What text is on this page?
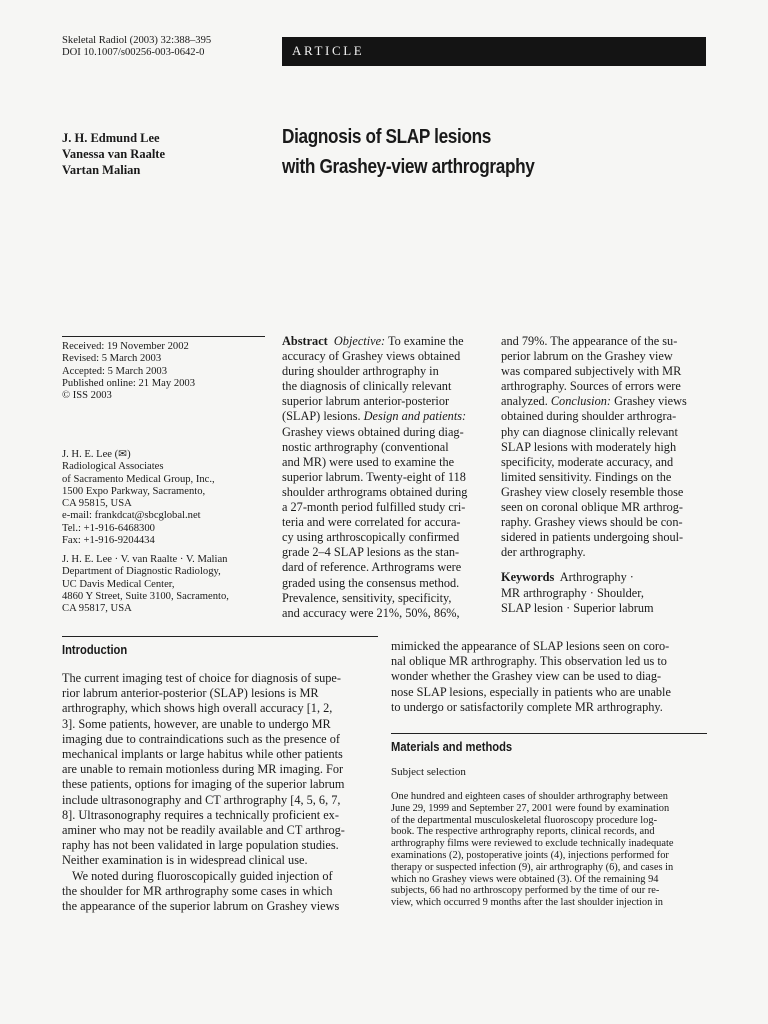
Skeletal Radiol (2003) 32:388–395
DOI 10.1007/s00256-003-0642-0	ARTICLE
J. H. Edmund Lee
Vanessa van Raalte
Vartan Malian
Diagnosis of SLAP lesions
with Grashey-view arthrography
Received: 19 November 2002
Revised: 5 March 2003
Accepted: 5 March 2003
Published online: 21 May 2003
© ISS 2003
J. H. E. Lee (✉)
Radiological Associates
of Sacramento Medical Group, Inc.,
1500 Expo Parkway, Sacramento,
CA 95815, USA
e-mail: frankdcat@sbcglobal.net
Tel.: +1-916-6468300
Fax: +1-916-9204434
J. H. E. Lee · V. van Raalte · V. Malian
Department of Diagnostic Radiology,
UC Davis Medical Center,
4860 Y Street, Suite 3100, Sacramento,
CA 95817, USA
Abstract Objective: To examine the
accuracy of Grashey views obtained
during shoulder arthrography in
the diagnosis of clinically relevant
superior labrum anterior-posterior
(SLAP) lesions. Design and patients:
Grashey views obtained during diag-
nostic arthrography (conventional
and MR) were used to examine the
superior labrum. Twenty-eight of 118
shoulder arthrograms obtained during
a 27-month period fulfilled study cri-
teria and were correlated for accura-
cy using arthroscopically confirmed
grade 2–4 SLAP lesions as the stan-
dard of reference. Arthrograms were
graded using the consensus method.
Prevalence, sensitivity, specificity,
and accuracy were 21%, 50%, 86%,
and 79%. The appearance of the su-
perior labrum on the Grashey view
was compared subjectively with MR
arthrography. Sources of errors were
analyzed. Conclusion: Grashey views
obtained during shoulder arthrogra-
phy can diagnose clinically relevant
SLAP lesions with moderately high
specificity, moderate accuracy, and
limited sensitivity. Findings on the
Grashey view closely resemble those
seen on coronal oblique MR arthrog-
raphy. Grashey views should be con-
sidered in patients undergoing shoul-
der arthrography.
Keywords Arthrography ·
MR arthrography · Shoulder,
SLAP lesion · Superior labrum
Introduction
The current imaging test of choice for diagnosis of supe-
rior labrum anterior-posterior (SLAP) lesions is MR
arthrography, which shows high overall accuracy [1, 2,
3]. Some patients, however, are unable to undergo MR
imaging due to contraindications such as the presence of
mechanical implants or large habitus while other patients
are unable to remain motionless during MR imaging. For
these patients, options for imaging of the superior labrum
include ultrasonography and CT arthrography [4, 5, 6, 7,
8]. Ultrasonography requires a technically proficient ex-
aminer who may not be readily available and CT arthrog-
raphy has not been validated in large population studies.
Neither examination is in widespread clinical use.
We noted during fluoroscopically guided injection of
the shoulder for MR arthrography some cases in which
the appearance of the superior labrum on Grashey views
mimicked the appearance of SLAP lesions seen on coro-
nal oblique MR arthrography. This observation led us to
wonder whether the Grashey view can be used to diag-
nose SLAP lesions, especially in patients who are unable
to undergo or satisfactorily complete MR arthrography.
Materials and methods
Subject selection
One hundred and eighteen cases of shoulder arthrography between
June 29, 1999 and September 27, 2001 were found by examination
of the departmental musculoskeletal fluoroscopy procedure log-
book. The respective arthrography reports, clinical records, and
arthrography films were reviewed to exclude technically inadequate
examinations (2), postoperative joints (4), injections performed for
therapy or suspected infection (9), air arthrography (6), and cases in
which no Grashey views were obtained (3). Of the remaining 94
subjects, 66 had no arthroscopy performed by the time of our re-
view, which occurred 9 months after the last shoulder injection in
